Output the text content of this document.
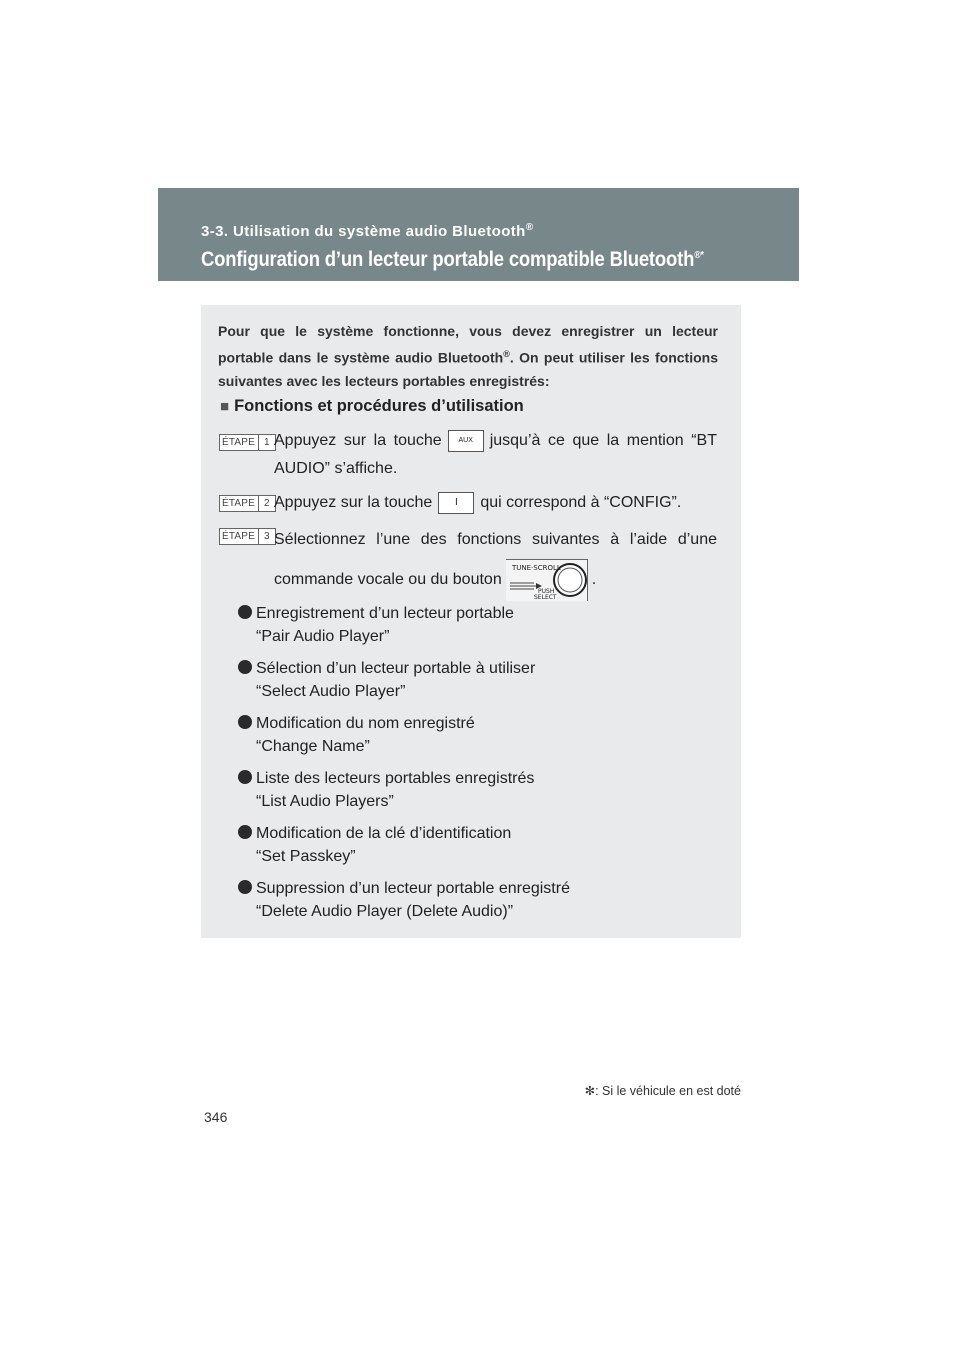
3-3. Utilisation du système audio Bluetooth®
Configuration d’un lecteur portable compatible Bluetooth®*
Pour que le système fonctionne, vous devez enregistrer un lecteur portable dans le système audio Bluetooth®. On peut utiliser les fonctions suivantes avec les lecteurs portables enregistrés:
■ Fonctions et procédures d’utilisation
ÉTAPE 1 Appuyez sur la touche AUX jusqu’à ce que la mention “BT AUDIO” s’affiche.
ÉTAPE 2 Appuyez sur la touche I qui correspond à “CONFIG”.
ÉTAPE 3 Sélectionnez l’une des fonctions suivantes à l’aide d’une commande vocale ou du bouton
TUNE·SCROLL
PUSH
SELECT
.
Enregistrement d’un lecteur portable
“Pair Audio Player”
Sélection d’un lecteur portable à utiliser
“Select Audio Player”
Modification du nom enregistré
“Change Name”
Liste des lecteurs portables enregistrés
“List Audio Players”
Modification de la clé d’identification
“Set Passkey”
Suppression d’un lecteur portable enregistré
“Delete Audio Player (Delete Audio)”
✻: Si le véhicule en est doté
346
